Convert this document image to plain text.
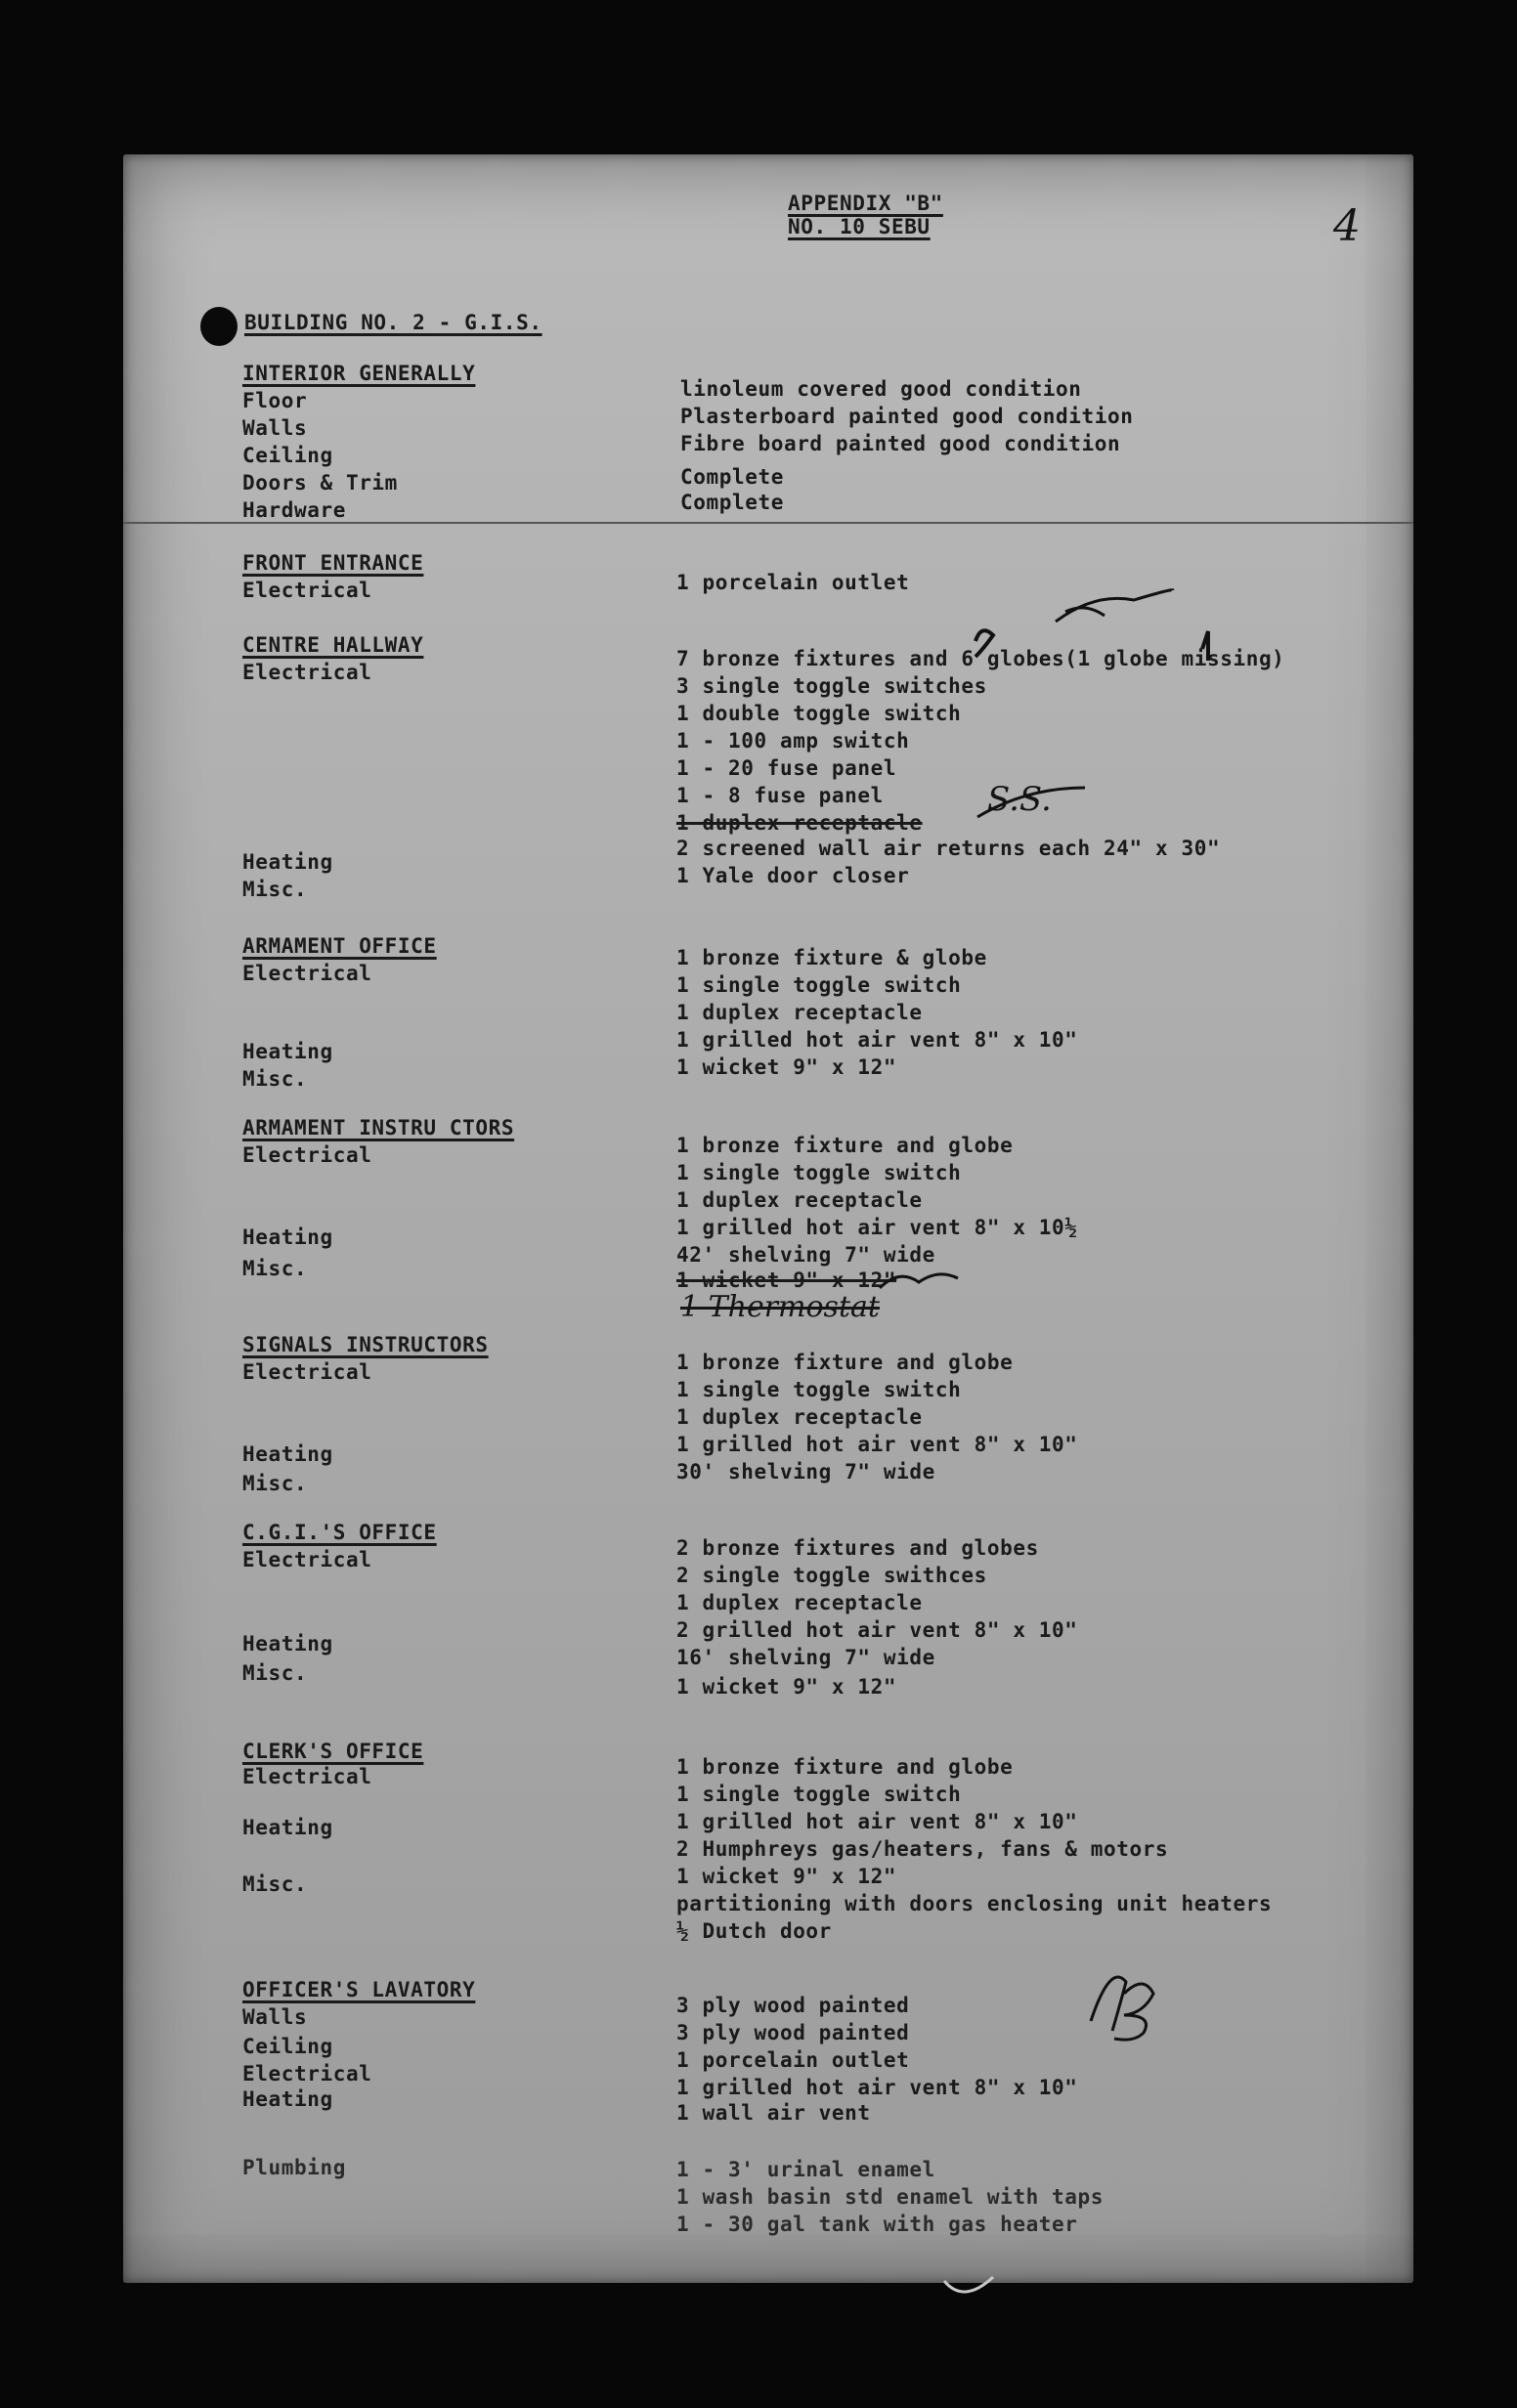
APPENDIX "B"
NO. 10 SEBU	4
BUILDING NO. 2 - G.I.S.
INTERIOR GENERALLY
Floor
Walls
Ceiling
Doors & Trim
Hardware
linoleum covered good condition
Plasterboard painted good condition
Fibre board painted good condition
Complete
Complete
FRONT ENTRANCE
Electrical	1 porcelain outlet
CENTRE HALLWAY
Electrical
Heating
Misc.
7 bronze fixtures and 6 globes(1 globe missing)
3 single toggle switches
1 double toggle switch
1 - 100 amp switch
1 - 20 fuse panel
1 - 8 fuse panel
1 duplex receptacle
2 screened wall air returns each 24" x 30"
1 Yale door closer
S.S.
ARMAMENT OFFICE
Electrical
Heating
Misc.
1 bronze fixture & globe
1 single toggle switch
1 duplex receptacle
1 grilled hot air vent 8" x 10"
1 wicket 9" x 12"
ARMAMENT INSTRU CTORS
Electrical
Heating
Misc.
1 bronze fixture and globe
1 single toggle switch
1 duplex receptacle
1 grilled hot air vent 8" x 10½
42' shelving 7" wide
1 wicket 9" x 12"
1 Thermostat
SIGNALS INSTRUCTORS
Electrical
Heating
Misc.
1 bronze fixture and globe
1 single toggle switch
1 duplex receptacle
1 grilled hot air vent 8" x 10"
30' shelving 7" wide
C.G.I.'S OFFICE
Electrical
Heating
Misc.
2 bronze fixtures and globes
2 single toggle swithces
1 duplex receptacle
2 grilled hot air vent 8" x 10"
16' shelving 7" wide
1 wicket 9" x 12"
CLERK'S OFFICE
Electrical
Heating
Misc.
1 bronze fixture and globe
1 single toggle switch
1 grilled hot air vent 8" x 10"
2 Humphreys gas/heaters, fans & motors
1 wicket 9" x 12"
partitioning with doors enclosing unit heaters
½ Dutch door
OFFICER'S LAVATORY
Walls
Ceiling
Electrical
Heating
Plumbing
3 ply wood painted
3 ply wood painted
1 porcelain outlet
1 grilled hot air vent 8" x 10"
1 wall air vent
1 - 3' urinal enamel
1 wash basin std enamel with taps
1 - 30 gal tank with gas heater
